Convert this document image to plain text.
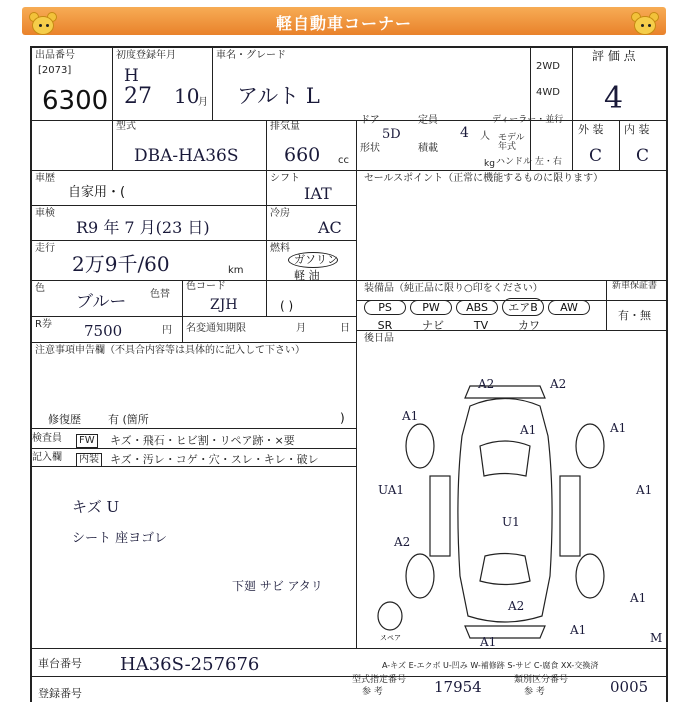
軽自動車コーナー
出品番号
[2073]
6300
初度登録年月
H
27 10
月
車名・グレード
アルト L
2WD
4WD
評 価 点
4
外 装 内 装
C C
型式
DBA-HA36S
排気量
660 cc
ドア
5D
定員
4 人
ディーラー・並行
モデル 年式
形状	積載
kg ハンドル 左・右
車歴
自家用・(
シフト
IAT
車検
R9 年 7 月(23 日)
冷房
AC
走行
2万9千/60	km
燃料
ガソリン
軽 油
色
ブルー 色替
色コード
ZJH	( )
R券 7500	円 名変通知期限	月	日
注意事項申告欄（不具合内容等は具体的に記入して下さい）
修復歴 有 (箇所	)
検査員
記入欄
FW
内装
キズ・飛石・ヒビ割・リペア跡・×要
キズ・汚レ・コゲ・穴・スレ・キレ・破レ
キズ U
シート 座ヨゴレ
下廻 サビ アタリ
セールスポイント（正常に機能するものに限ります）
装備品（純正品に限り○印をください）	新車保証書
有・無
PS	PW ABS エアB AW
SR	ナビ	TV	カワ
後日品
車台番号 HA36S-257676
登録番号
型式指定番号
参 考	17954	類別区分番号
参 考	0005
A-キズ E-エクボ U-凹み W-補修跡 S-サビ C-腐食 XX-交換済
A2	A2
A1
A1	A1
UA1
A2
U1
A1
A2
A1
A1
A1
M
スペア
